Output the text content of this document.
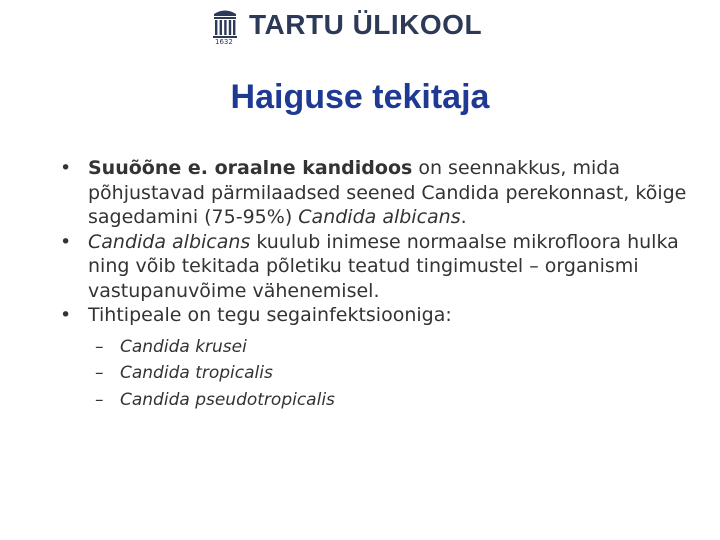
1632
TARTU ÜLIKOOL
Haiguse tekitaja
• Suuõõne e. oraalne kandidoos on seennakkus, mida põhjustavad pärmilaadsed seened Candida perekonnast, kõige sagedamini (75-95%) Candida albicans.
• Candida albicans kuulub inimese normaalse mikrofloora hulka ning võib tekitada põletiku teatud tingimustel – organismi vastupanuvõime vähenemisel.
• Tihtipeale on tegu segainfektsiooniga:
– Candida krusei
– Candida tropicalis
– Candida pseudotropicalis
